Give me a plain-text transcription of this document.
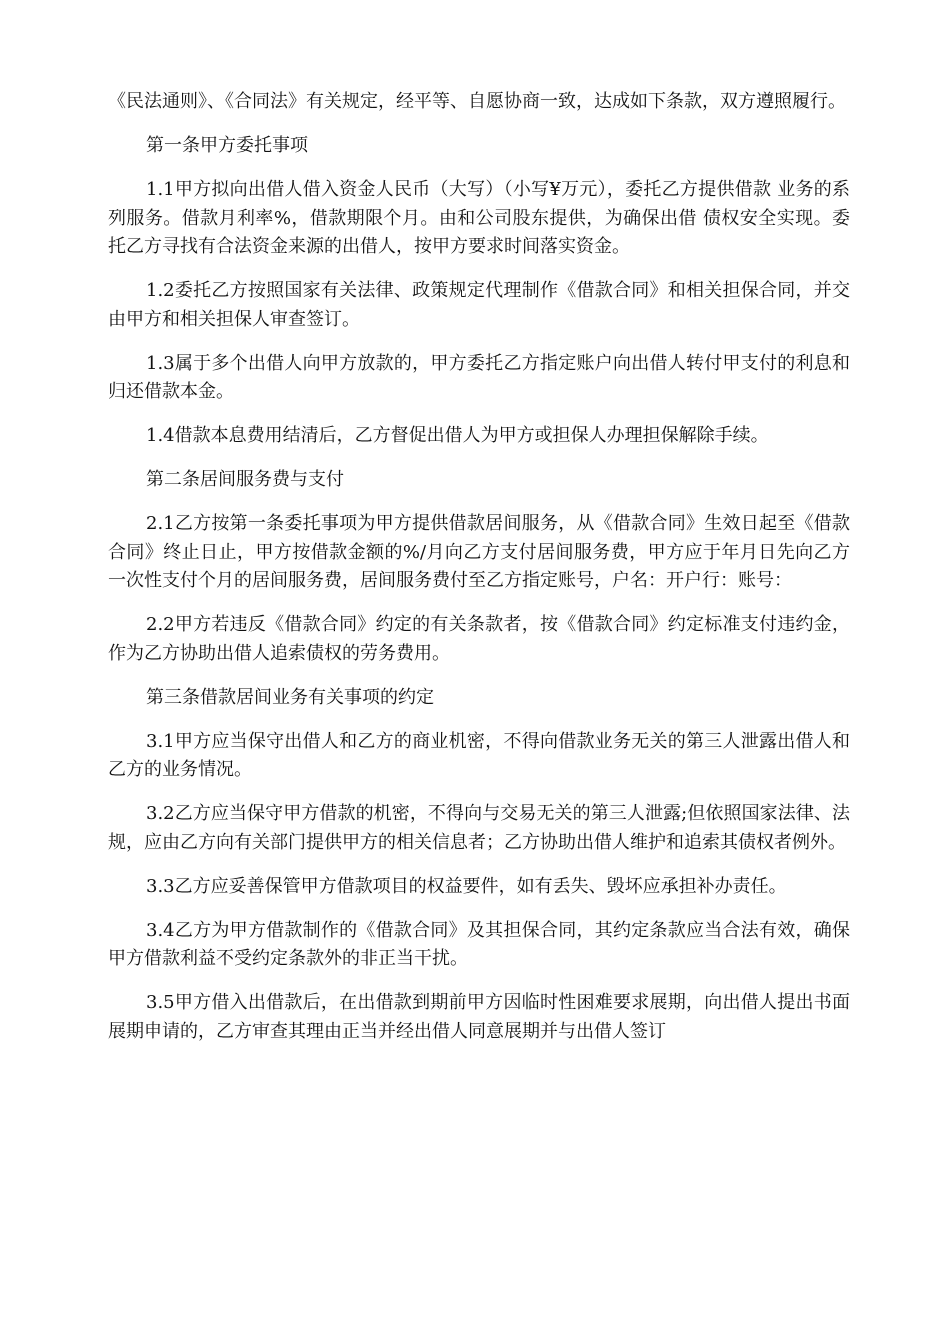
《民法通则》、《合同法》有关规定，经平等、自愿协商一致，达成如下条款，双方遵照履行。

第一条甲方委托事项

1.1甲方拟向出借人借入资金人民币（大写）（小写¥万元），委托乙方提供借款 业务的系列服务。借款月利率%，借款期限个月。由和公司股东提供，为确保出借 债权安全实现。委托乙方寻找有合法资金来源的出借人，按甲方要求时间落实资金。

1.2委托乙方按照国家有关法律、政策规定代理制作《借款合同》和相关担保合同，并交由甲方和相关担保人审查签订。

1.3属于多个出借人向甲方放款的，甲方委托乙方指定账户向出借人转付甲支付的利息和归还借款本金。

1.4借款本息费用结清后，乙方督促出借人为甲方或担保人办理担保解除手续。

第二条居间服务费与支付

2.1乙方按第一条委托事项为甲方提供借款居间服务，从《借款合同》生效日起至《借款合同》终止日止，甲方按借款金额的%/月向乙方支付居间服务费，甲方应于年月日先向乙方一次性支付个月的居间服务费，居间服务费付至乙方指定账号，户名：开户行：账号：

2.2甲方若违反《借款合同》约定的有关条款者，按《借款合同》约定标准支付违约金，作为乙方协助出借人追索债权的劳务费用。

第三条借款居间业务有关事项的约定

3.1甲方应当保守出借人和乙方的商业机密，不得向借款业务无关的第三人泄露出借人和乙方的业务情况。

3.2乙方应当保守甲方借款的机密，不得向与交易无关的第三人泄露;但依照国家法律、法规，应由乙方向有关部门提供甲方的相关信息者；乙方协助出借人维护和追索其债权者例外。

3.3乙方应妥善保管甲方借款项目的权益要件，如有丢失、毁坏应承担补办责任。

3.4乙方为甲方借款制作的《借款合同》及其担保合同，其约定条款应当合法有效，确保甲方借款利益不受约定条款外的非正当干扰。

3.5甲方借入出借款后，在出借款到期前甲方因临时性困难要求展期，向出借人提出书面展期申请的，乙方审查其理由正当并经出借人同意展期并与出借人签订
